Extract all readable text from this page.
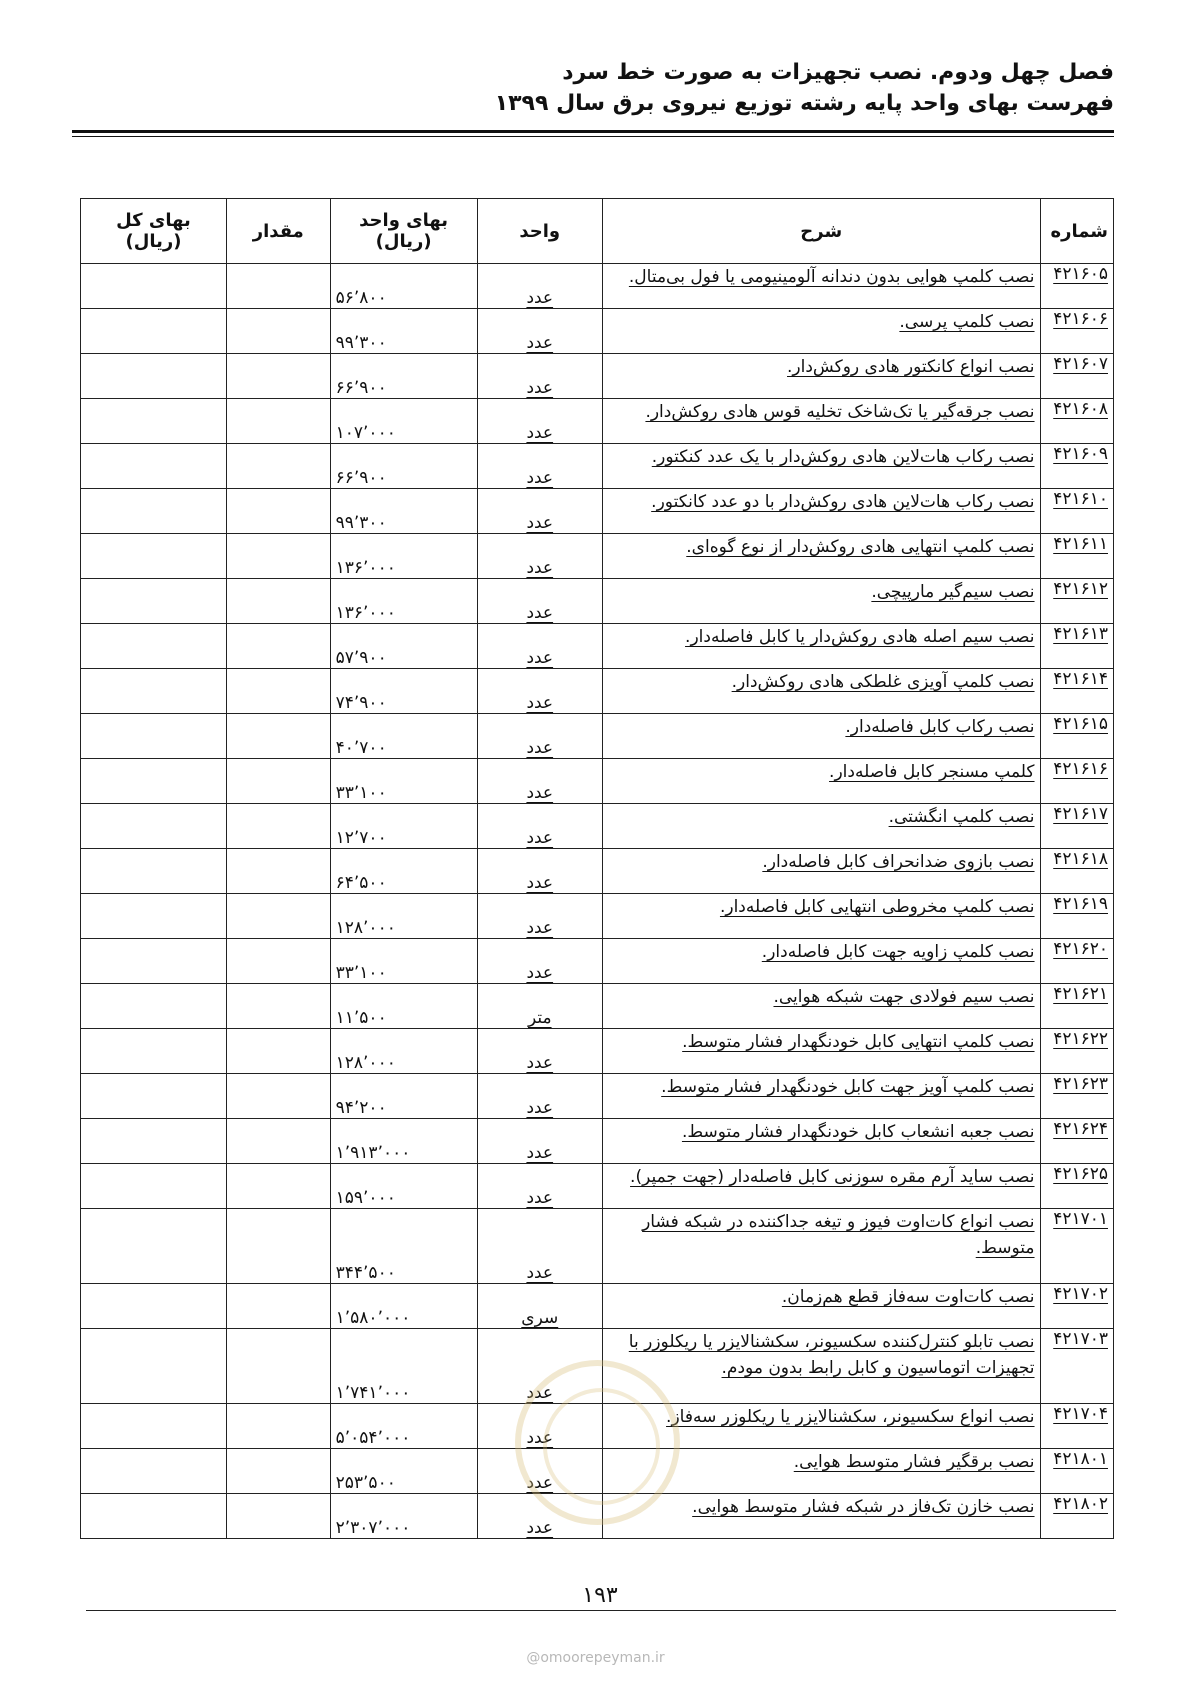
فصل چهل ودوم. نصب تجهیزات به صورت خط سرد
فهرست بهای واحد پایه رشته توزیع نیروی برق سال ۱۳۹۹
شماره	شرح	واحد	بهای واحد (ریال)	مقدار	بهای کل (ریال)
۴۲۱۶۰۵	نصب کلمپ هوایی بدون دندانه آلومینیومی یا فول بی‌متال.	عدد	۵۶٬۸۰۰		
۴۲۱۶۰۶	نصب کلمپ پرسی.	عدد	۹۹٬۳۰۰		
۴۲۱۶۰۷	نصب انواع کانکتور هادی روکش‌دار.	عدد	۶۶٬۹۰۰		
۴۲۱۶۰۸	نصب جرقه‌گیر یا تک‌شاخک تخلیه قوس هادی روکش‌دار.	عدد	۱۰۷٬۰۰۰		
۴۲۱۶۰۹	نصب رکاب هات‌لاین هادی روکش‌دار با یک عدد کنکتور.	عدد	۶۶٬۹۰۰		
۴۲۱۶۱۰	نصب رکاب هات‌لاین هادی روکش‌دار با دو عدد کانکتور.	عدد	۹۹٬۳۰۰		
۴۲۱۶۱۱	نصب کلمپ انتهایی هادی روکش‌دار از نوع گوه‌ای.	عدد	۱۳۶٬۰۰۰		
۴۲۱۶۱۲	نصب سیم‌گیر مارپیچی.	عدد	۱۳۶٬۰۰۰		
۴۲۱۶۱۳	نصب سیم اصله هادی روکش‌دار یا کابل فاصله‌دار.	عدد	۵۷٬۹۰۰		
۴۲۱۶۱۴	نصب کلمپ آویزی غلطکی هادی روکش‌دار.	عدد	۷۴٬۹۰۰		
۴۲۱۶۱۵	نصب رکاب کابل فاصله‌دار.	عدد	۴۰٬۷۰۰		
۴۲۱۶۱۶	کلمپ مسنجر کابل فاصله‌دار.	عدد	۳۳٬۱۰۰		
۴۲۱۶۱۷	نصب کلمپ انگشتی.	عدد	۱۲٬۷۰۰		
۴۲۱۶۱۸	نصب بازوی ضدانحراف کابل فاصله‌دار.	عدد	۶۴٬۵۰۰		
۴۲۱۶۱۹	نصب کلمپ مخروطی انتهایی کابل فاصله‌دار.	عدد	۱۲۸٬۰۰۰		
۴۲۱۶۲۰	نصب کلمپ زاویه جهت کابل فاصله‌دار.	عدد	۳۳٬۱۰۰		
۴۲۱۶۲۱	نصب سیم فولادی جهت شبکه هوایی.	متر	۱۱٬۵۰۰		
۴۲۱۶۲۲	نصب کلمپ انتهایی کابل خودنگهدار فشار متوسط.	عدد	۱۲۸٬۰۰۰		
۴۲۱۶۲۳	نصب کلمپ آویز جهت کابل خودنگهدار فشار متوسط.	عدد	۹۴٬۲۰۰		
۴۲۱۶۲۴	نصب جعبه انشعاب کابل خودنگهدار فشار متوسط.	عدد	۱٬۹۱۳٬۰۰۰		
۴۲۱۶۲۵	نصب ساید آرم مقره سوزنی کابل فاصله‌دار (جهت جمپر).	عدد	۱۵۹٬۰۰۰		
۴۲۱۷۰۱	نصب انواع کات‌اوت فیوز و تیغه جداکننده در شبکه فشار متوسط.	عدد	۳۴۴٬۵۰۰		
۴۲۱۷۰۲	نصب کات‌اوت سه‌فاز قطع هم‌زمان.	سری	۱٬۵۸۰٬۰۰۰		
۴۲۱۷۰۳	نصب تابلو کنترل‌کننده سکسیونر، سکشنالایزر یا ریکلوزر با تجهیزات اتوماسیون و کابل رابط بدون مودم.	عدد	۱٬۷۴۱٬۰۰۰		
۴۲۱۷۰۴	نصب انواع سکسیونر، سکشنالایزر یا ریکلوزر سه‌فاز.	عدد	۵٬۰۵۴٬۰۰۰		
۴۲۱۸۰۱	نصب برقگیر فشار متوسط هوایی.	عدد	۲۵۳٬۵۰۰		
۴۲۱۸۰۲	نصب خازن تک‌فاز در شبکه فشار متوسط هوایی.	عدد	۲٬۳۰۷٬۰۰۰		
۱۹۳
@omoorepeyman.ir
